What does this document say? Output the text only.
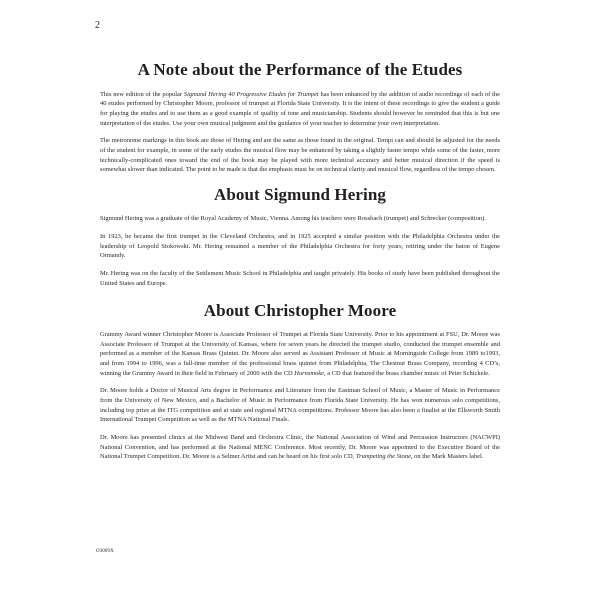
2
A Note about the Performance of the Etudes

This new edition of the popular Sigmund Hering 40 Progressive Etudes for Trumpet has been enhanced by the addition of audio recordings of each of the 40 etudes performed by Christopher Moore, professor of trumpet at Florida State University. It is the intent of these recordings to give the student a guide for playing the etudes and to use them as a good example of quality of tone and musicianship. Students should however be reminded that this is but one interpretation of the etudes. Use your own musical judgment and the guidance of your teacher to determine your own interpretation.

The metronome markings in this book are those of Hering and are the same as those found in the original. Tempi can and should be adjusted for the needs of the student for example, in some of the early etudes the musical flow may be enhanced by taking a slightly faster tempo while some of the faster, more technically-complicated ones toward the end of the book may be played with more technical accuracy and better musical direction if the speed is somewhat slower than indicated. The point to be made is that the emphasis must be on technical clarity and musical flow, regardless of the tempo chosen.

About Sigmund Hering

Sigmund Hering was a graduate of the Royal Academy of Music, Vienna. Among his teachers were Rossbach (trumpet) and Schrecker (composition).

In 1923, he became the first trumpet in the Cleveland Orchestra, and in 1925 accepted a similar position with the Philadelphia Orchestra under the leadership of Leopold Stokowski. Mr. Hering remained a member of the Philadelphia Orchestra for forty years, retiring under the baton of Eugene Ormandy.

Mr. Hering was on the faculty of the Settlement Music School in Philadelphia and taught privately. His books of study have been published throughout the United States and Europe.

About Christopher Moore

Grammy Award winner Christopher Moore is Associate Professor of Trumpet at Florida State University. Prior to his appointment at FSU, Dr. Moore was Associate Professor of Trumpet at the University of Kansas, where for seven years he directed the trumpet studio, conducted the trumpet ensemble and performed as a member of the Kansas Brass Quintet. Dr. Moore also served as Assistant Professor of Music at Morningside College from 1989 to1993, and from 1994 to 1996, was a full-time member of the professional brass quintet from Philadelphia, The Chestnut Brass Company, recording 4 CD’s, winning the Grammy Award in their field in February of 2000 with the CD Hornsmoke, a CD that featured the brass chamber music of Peter Schickele.

Dr. Moore holds a Doctor of Musical Arts degree in Performance and Literature from the Eastman School of Music, a Master of Music in Performance from the University of New Mexico, and a Bachelor of Music in Performance from Florida State University. He has won numerous solo competitions, including top prize at the ITG competition and at state and regional MTNA competitions. Professor Moore has also been a finalist at the Ellsworth Smith International Trumpet Competition as well as the MTNA National Finals.

Dr. Moore has presented clinics at the Midwest Band and Orchestra Clinic, the National Association of Wind and Percussion Instructors (NACWPI) National Convention, and has performed at the National MENC Conference. Most recently, Dr. Moore was appointed to the Executive Board of the National Trumpet Competition. Dr. Moore is a Selmer Artist and can be heard on his first solo CD, Trumpeting the Stone, on the Mark Masters label.

O3009X
